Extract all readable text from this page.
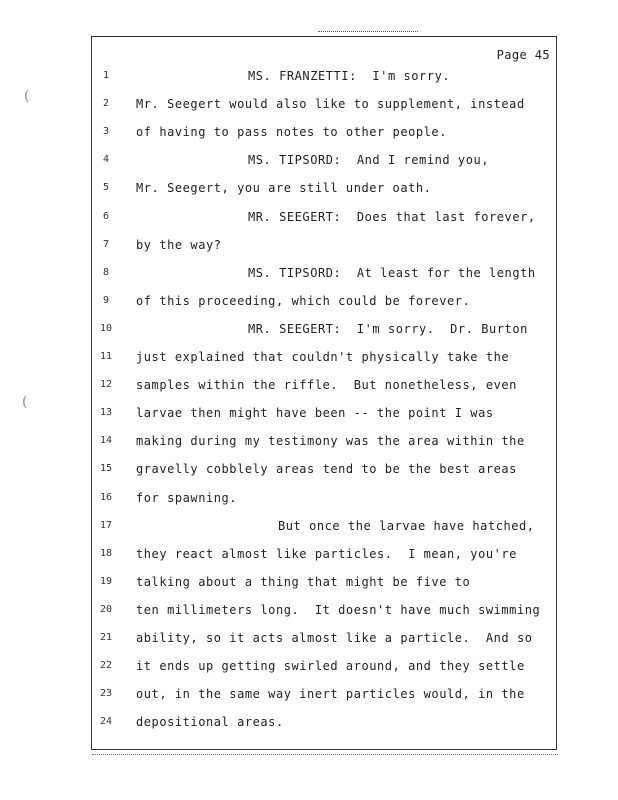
Page 45
(
(
1	MS. FRANZETTI:  I'm sorry.
2	Mr. Seegert would also like to supplement, instead
3	of having to pass notes to other people.
4	MS. TIPSORD:  And I remind you,
5	Mr. Seegert, you are still under oath.
6	MR. SEEGERT:  Does that last forever,
7	by the way?
8	MS. TIPSORD:  At least for the length
9	of this proceeding, which could be forever.
10	MR. SEEGERT:  I'm sorry.  Dr. Burton
11 just explained that couldn't physically take the
12 samples within the riffle.  But nonetheless, even
13 larvae then might have been -- the point I was
14 making during my testimony was the area within the
15 gravelly cobblely areas tend to be the best areas
16 for spawning.
17	But once the larvae have hatched,
18 they react almost like particles.  I mean, you're
19 talking about a thing that might be five to
20 ten millimeters long.  It doesn't have much swimming
21 ability, so it acts almost like a particle.  And so
22 it ends up getting swirled around, and they settle
23 out, in the same way inert particles would, in the
24 depositional areas.
